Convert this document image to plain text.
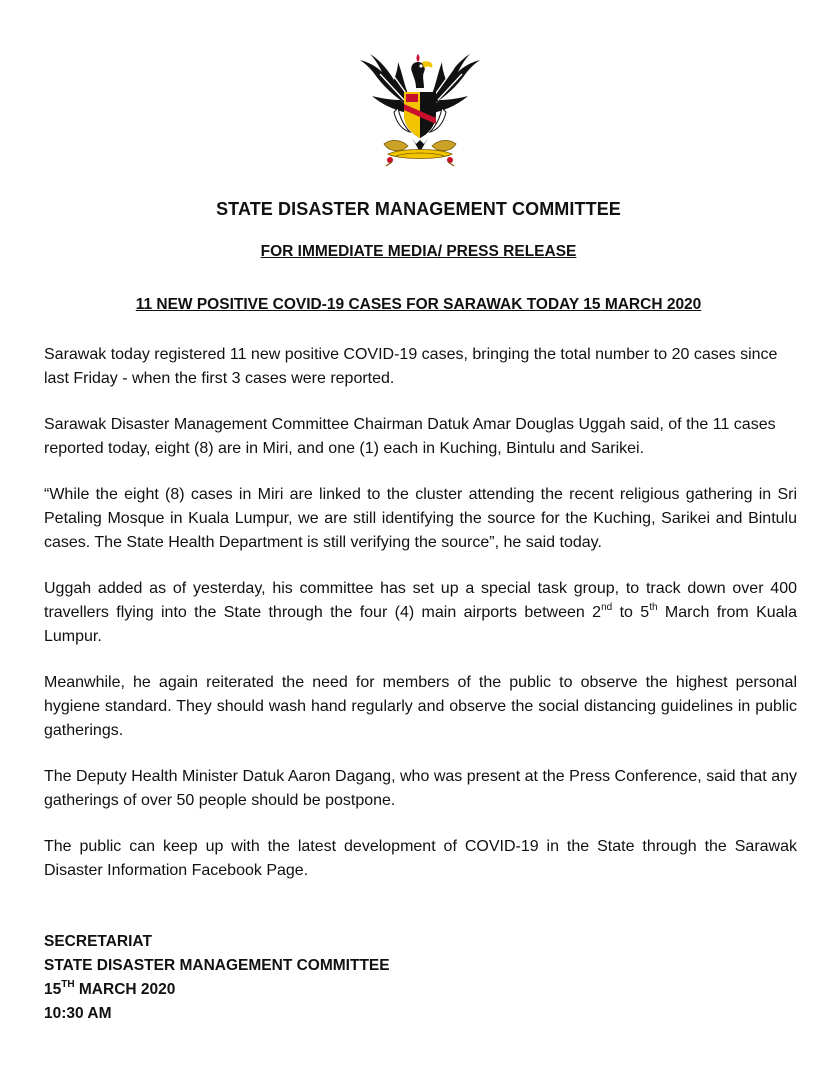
STATE DISASTER MANAGEMENT COMMITTEE
FOR IMMEDIATE MEDIA/ PRESS RELEASE
11 NEW POSITIVE COVID-19 CASES FOR SARAWAK TODAY 15 MARCH 2020

Sarawak today registered 11 new positive COVID-19 cases, bringing the total number to 20 cases since last Friday - when the first 3 cases were reported.

Sarawak Disaster Management Committee Chairman Datuk Amar Douglas Uggah said, of the 11 cases reported today, eight (8) are in Miri, and one (1) each in Kuching, Bintulu and Sarikei.

“While the eight (8) cases in Miri are linked to the cluster attending the recent religious gathering in Sri Petaling Mosque in Kuala Lumpur, we are still identifying the source for the Kuching, Sarikei and Bintulu cases. The State Health Department is still verifying the source”, he said today.

Uggah added as of yesterday, his committee has set up a special task group, to track down over 400 travellers flying into the State through the four (4) main airports between 2nd to 5th March from Kuala Lumpur.

Meanwhile, he again reiterated the need for members of the public to observe the highest personal hygiene standard. They should wash hand regularly and observe the social distancing guidelines in public gatherings.

The Deputy Health Minister Datuk Aaron Dagang, who was present at the Press Conference, said that any gatherings of over 50 people should be postpone.

The public can keep up with the latest development of COVID-19 in the State through the Sarawak Disaster Information Facebook Page.

SECRETARIAT
STATE DISASTER MANAGEMENT COMMITTEE
15TH MARCH 2020
10:30 AM
